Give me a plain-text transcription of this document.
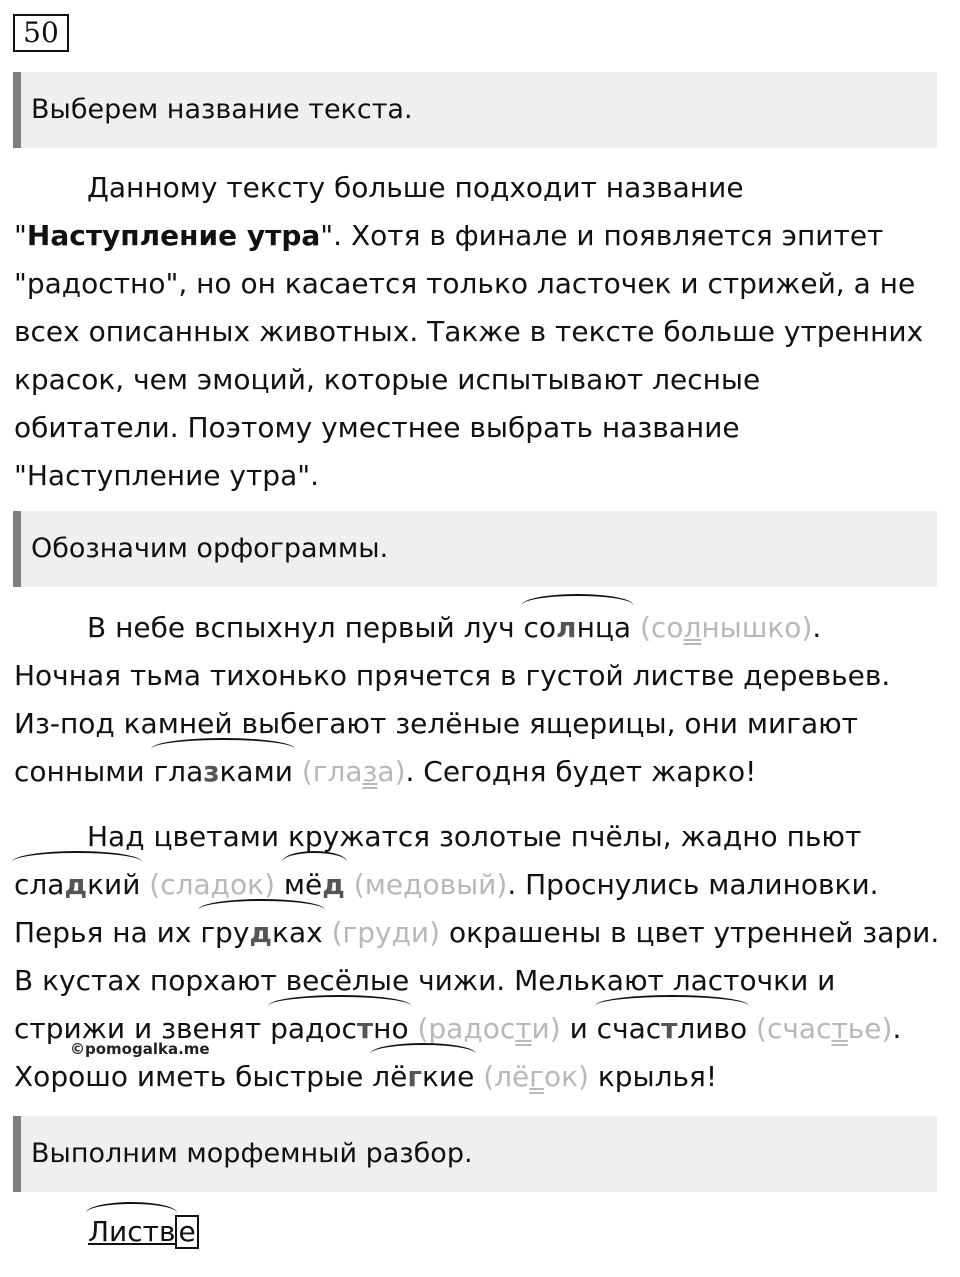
50
Выберем название текста.

Данному тексту больше подходит название

"Наступление утра". Хотя в финале и появляется эпитет

"радостно", но он касается только ласточек и стрижей, а не

всех описанных животных. Также в тексте больше утренних

красок, чем эмоций, которые испытывают лесные

обитатели. Поэтому уместнее выбрать название

"Наступление утра".

Обозначим орфограммы.

В небе вспыхнул первый луч солнца (солнышко).

Ночная тьма тихонько прячется в густой листве деревьев.

Из-под камней выбегают зелёные ящерицы, они мигают

сонными глазками (глаза). Сегодня будет жарко!

Над цветами кружатся золотые пчёлы, жадно пьют

сладкий (сладок) мёд (медовый). Проснулись малиновки.

Перья на их грудках (груди) окрашены в цвет утренней зари.

В кустах порхают весёлые чижи. Мелькают ласточки и

стрижи и звенят радостно (радости) и счастливо (счастье).

Хорошо иметь быстрые лёгкие (лёгок) крылья!

©pomogalka.me
Выполним морфемный разбор.
Листв е
